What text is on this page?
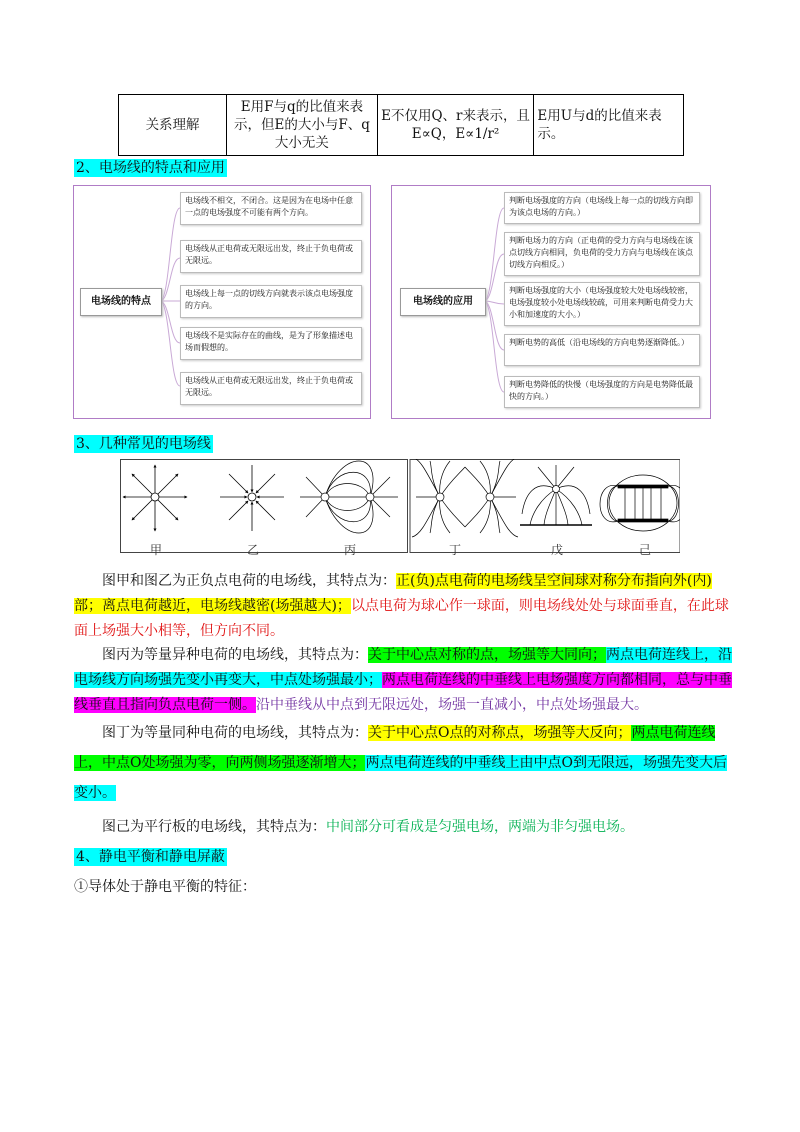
关系理解	E用F与q的比值来表示，但E的大小与F、q大小无关	E不仅用Q、r来表示，且
E∝Q，E∝1/r²	E用U与d的比值来表示。
2、电场线的特点和应用
电场线的特点
电场线不相交，不闭合。这是因为在电场中任意一点的电场强度不可能有两个方向。
电场线从正电荷或无限远出发，终止于负电荷或无限远。
电场线上每一点的切线方向就表示该点电场强度的方向。
电场线不是实际存在的曲线，是为了形象描述电场而假想的。
电场线从正电荷或无限远出发，终止于负电荷或无限远。
电场线的应用
判断电场强度的方向（电场线上每一点的切线方向即为该点电场的方向。）
判断电场力的方向（正电荷的受力方向与电场线在该点切线方向相同，负电荷的受力方向与电场线在该点切线方向相反。）
判断电场强度的大小（电场强度较大处电场线较密，电场强度较小处电场线较疏，可用来判断电荷受力大小和加速度的大小。）
判断电势的高低（沿电场线的方向电势逐渐降低。）
判断电势降低的快慢（电场强度的方向是电势降低最快的方向。）
3、几种常见的电场线
甲	乙	丙	丁	戊	己
图甲和图乙为正负点电荷的电场线，其特点为：正(负)点电荷的电场线呈空间球对称分布指向外(内)部；离点电荷越近，电场线越密(场强越大)；以点电荷为球心作一球面，则电场线处处与球面垂直，在此球面上场强大小相等，但方向不同。
图丙为等量异种电荷的电场线，其特点为：关于中心点对称的点，场强等大同向；两点电荷连线上，沿电场线方向场强先变小再变大，中点处场强最小；两点电荷连线的中垂线上电场强度方向都相同，总与中垂线垂直且指向负点电荷一侧。沿中垂线从中点到无限远处，场强一直减小，中点处场强最大。
图丁为等量同种电荷的电场线，其特点为：关于中心点O点的对称点，场强等大反向；两点电荷连线上，中点O处场强为零，向两侧场强逐渐增大；两点电荷连线的中垂线上由中点O到无限远，场强先变大后变小。
图己为平行板的电场线，其特点为：中间部分可看成是匀强电场，两端为非匀强电场。
4、静电平衡和静电屏蔽
①导体处于静电平衡的特征：
